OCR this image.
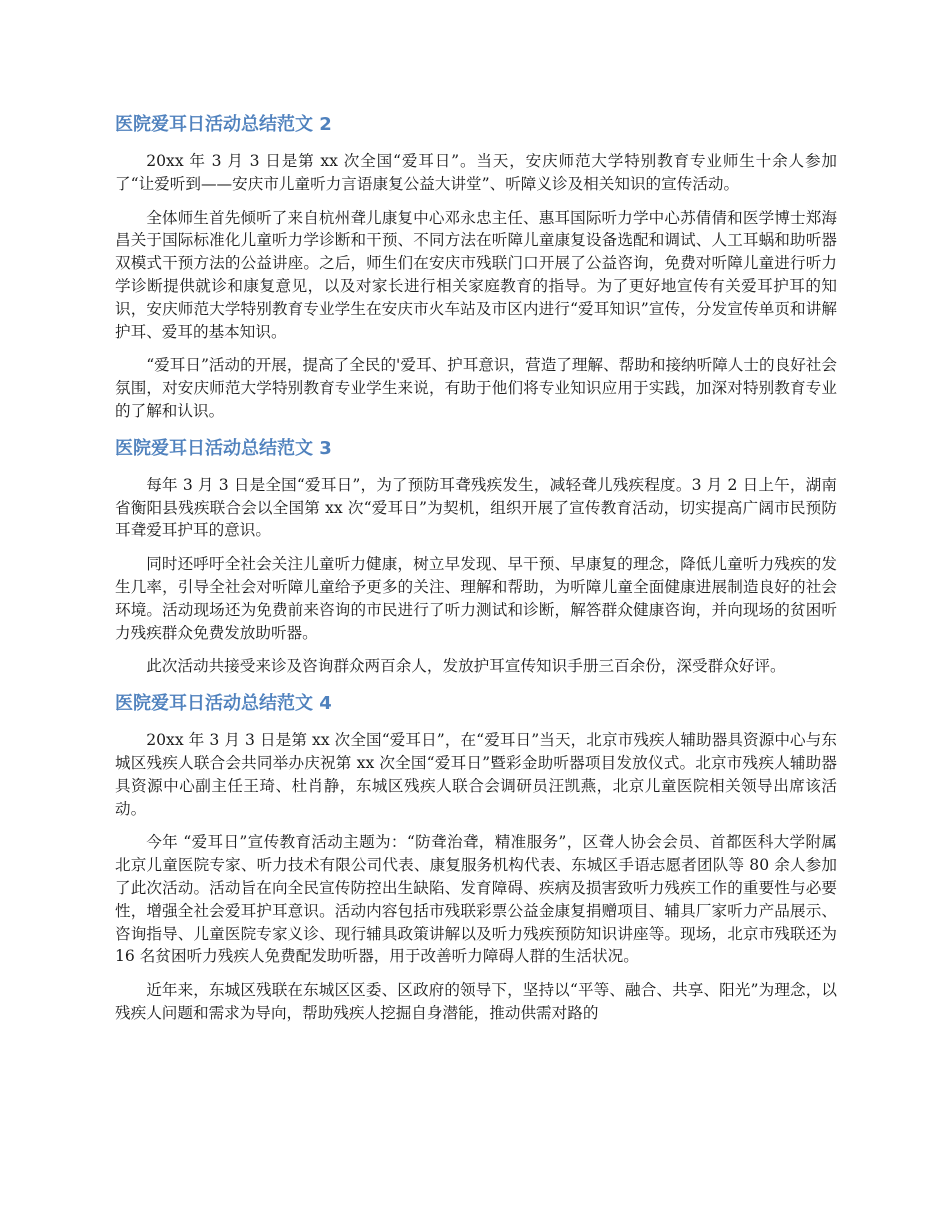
医院爱耳日活动总结范文 2

20xx 年 3 月 3 日是第 xx 次全国“爱耳日”。当天，安庆师范大学特别教育专业师生十余人参加了“让爱听到——安庆市儿童听力言语康复公益大讲堂”、听障义诊及相关知识的宣传活动。

全体师生首先倾听了来自杭州聋儿康复中心邓永忠主任、惠耳国际听力学中心苏倩倩和医学博士郑海昌关于国际标准化儿童听力学诊断和干预、不同方法在听障儿童康复设备选配和调试、人工耳蜗和助听器双模式干预方法的公益讲座。之后，师生们在安庆市残联门口开展了公益咨询，免费对听障儿童进行听力学诊断提供就诊和康复意见，以及对家长进行相关家庭教育的指导。为了更好地宣传有关爱耳护耳的知识，安庆师范大学特别教育专业学生在安庆市火车站及市区内进行“爱耳知识”宣传，分发宣传单页和讲解护耳、爱耳的基本知识。

“爱耳日”活动的开展，提高了全民的'爱耳、护耳意识，营造了理解、帮助和接纳听障人士的良好社会氛围，对安庆师范大学特别教育专业学生来说，有助于他们将专业知识应用于实践，加深对特别教育专业的了解和认识。

医院爱耳日活动总结范文 3

每年 3 月 3 日是全国“爱耳日”，为了预防耳聋残疾发生，减轻聋儿残疾程度。3 月 2 日上午，湖南省衡阳县残疾联合会以全国第 xx 次“爱耳日”为契机，组织开展了宣传教育活动，切实提高广阔市民预防耳聋爱耳护耳的意识。

同时还呼吁全社会关注儿童听力健康，树立早发现、早干预、早康复的理念，降低儿童听力残疾的发生几率，引导全社会对听障儿童给予更多的关注、理解和帮助，为听障儿童全面健康进展制造良好的社会环境。活动现场还为免费前来咨询的市民进行了听力测试和诊断，解答群众健康咨询，并向现场的贫困听力残疾群众免费发放助听器。

此次活动共接受来诊及咨询群众两百余人，发放护耳宣传知识手册三百余份，深受群众好评。

医院爱耳日活动总结范文 4

20xx 年 3 月 3 日是第 xx 次全国“爱耳日”，在“爱耳日”当天，北京市残疾人辅助器具资源中心与东城区残疾人联合会共同举办庆祝第 xx 次全国“爱耳日”暨彩金助听器项目发放仪式。北京市残疾人辅助器具资源中心副主任王琦、杜肖静，东城区残疾人联合会调研员汪凯燕，北京儿童医院相关领导出席该活动。

今年 “爱耳日”宣传教育活动主题为：“防聋治聋，精准服务”，区聋人协会会员、首都医科大学附属北京儿童医院专家、听力技术有限公司代表、康复服务机构代表、东城区手语志愿者团队等 80 余人参加了此次活动。活动旨在向全民宣传防控出生缺陷、发育障碍、疾病及损害致听力残疾工作的重要性与必要性，增强全社会爱耳护耳意识。活动内容包括市残联彩票公益金康复捐赠项目、辅具厂家听力产品展示、咨询指导、儿童医院专家义诊、现行辅具政策讲解以及听力残疾预防知识讲座等。现场，北京市残联还为 16 名贫困听力残疾人免费配发助听器，用于改善听力障碍人群的生活状况。

近年来，东城区残联在东城区区委、区政府的领导下，坚持以“平等、融合、共享、阳光”为理念，以残疾人问题和需求为导向，帮助残疾人挖掘自身潜能，推动供需对路的
